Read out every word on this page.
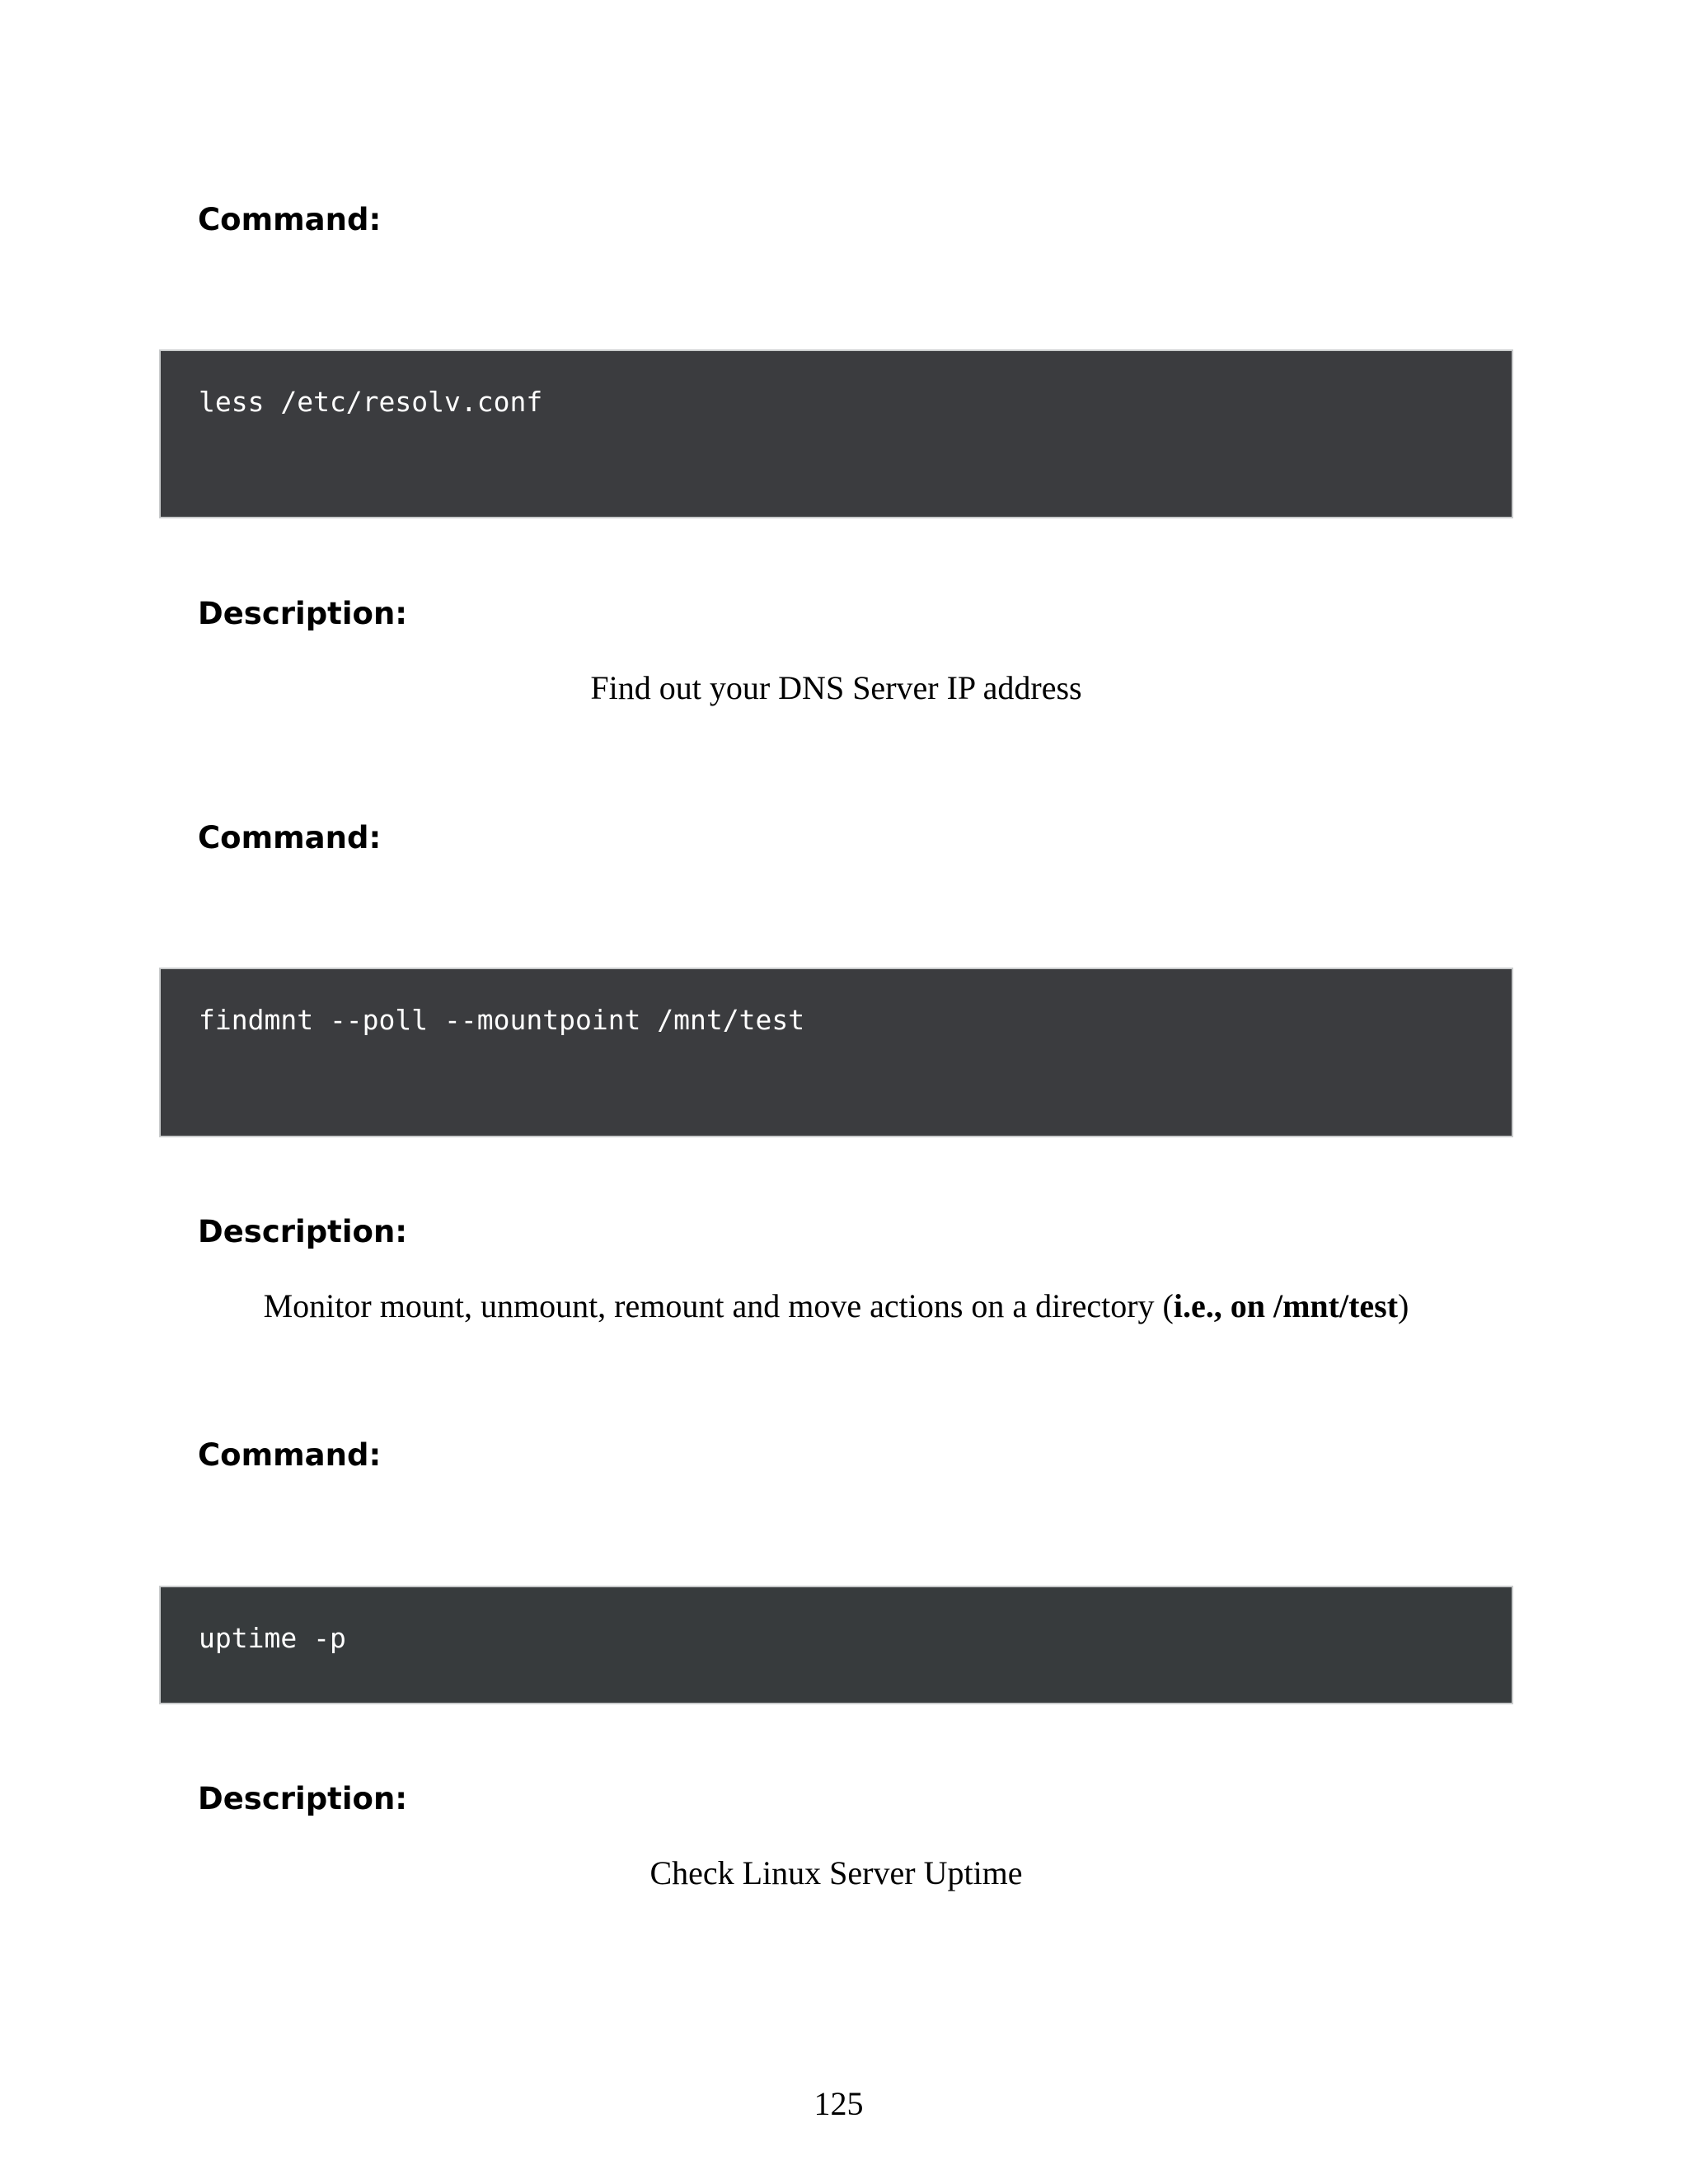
Command:
less /etc/resolv.conf
Description:

Find out your DNS Server IP address

Command:
findmnt --poll --mountpoint /mnt/test
Description:

Monitor mount, unmount, remount and move actions on a directory (i.e., on /mnt/test)

Command:
uptime -p
Description:

Check Linux Server Uptime

125
